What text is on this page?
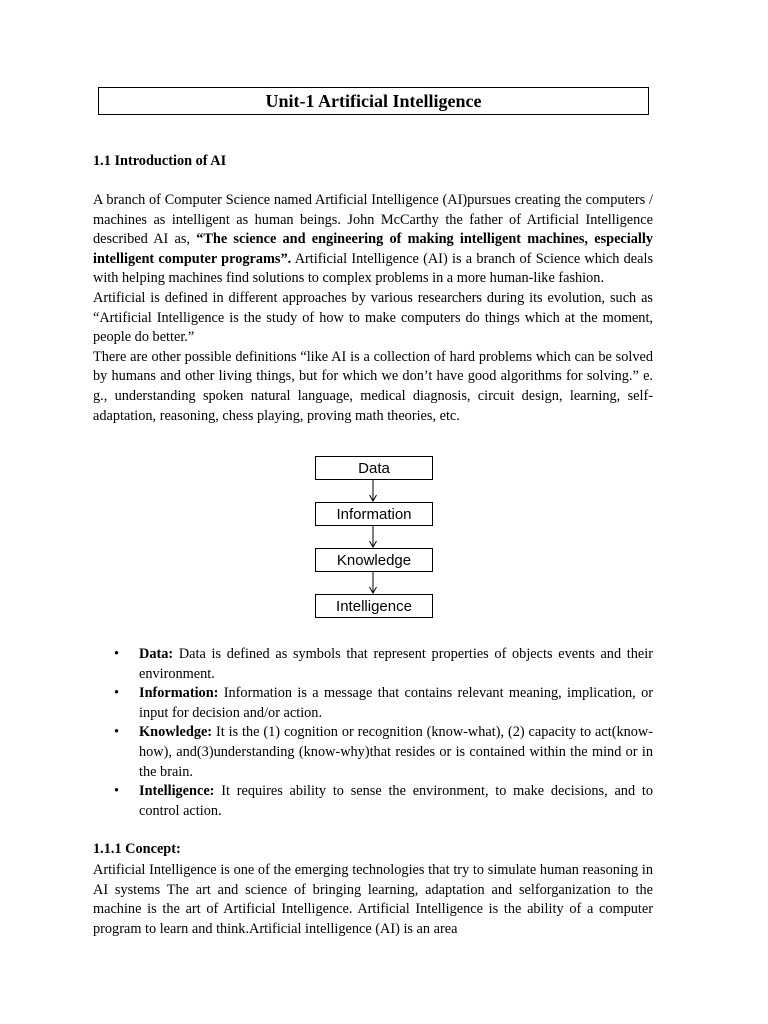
Unit-1 Artificial Intelligence
1.1 Introduction of AI

A branch of Computer Science named Artificial Intelligence (AI)pursues creating the computers / machines as intelligent as human beings. John McCarthy the father of Artificial Intelligence described AI as, “The science and engineering of making intelligent machines, especially intelligent computer programs”. Artificial Intelligence (AI) is a branch of Science which deals with helping machines find solutions to complex problems in a more human-like fashion.

Artificial is defined in different approaches by various researchers during its evolution, such as “Artificial Intelligence is the study of how to make computers do things which at the moment, people do better.”

There are other possible definitions “like AI is a collection of hard problems which can be solved by humans and other living things, but for which we don’t have good algorithms for solving.” e. g., understanding spoken natural language, medical diagnosis, circuit design, learning, self-adaptation, reasoning, chess playing, proving math theories, etc.

Data
Information
Knowledge
Intelligence
• Data: Data is defined as symbols that represent properties of objects events and their environment.
• Information: Information is a message that contains relevant meaning, implication, or input for decision and/or action.
• Knowledge: It is the (1) cognition or recognition (know-what), (2) capacity to act(know-how), and(3)understanding (know-why)that resides or is contained within the mind or in the brain.
• Intelligence: It requires ability to sense the environment, to make decisions, and to control action.
1.1.1 Concept:

Artificial Intelligence is one of the emerging technologies that try to simulate human reasoning in AI systems The art and science of bringing learning, adaptation and selforganization to the machine is the art of Artificial Intelligence. Artificial Intelligence is the ability of a computer program to learn and think.Artificial intelligence (AI) is an area
